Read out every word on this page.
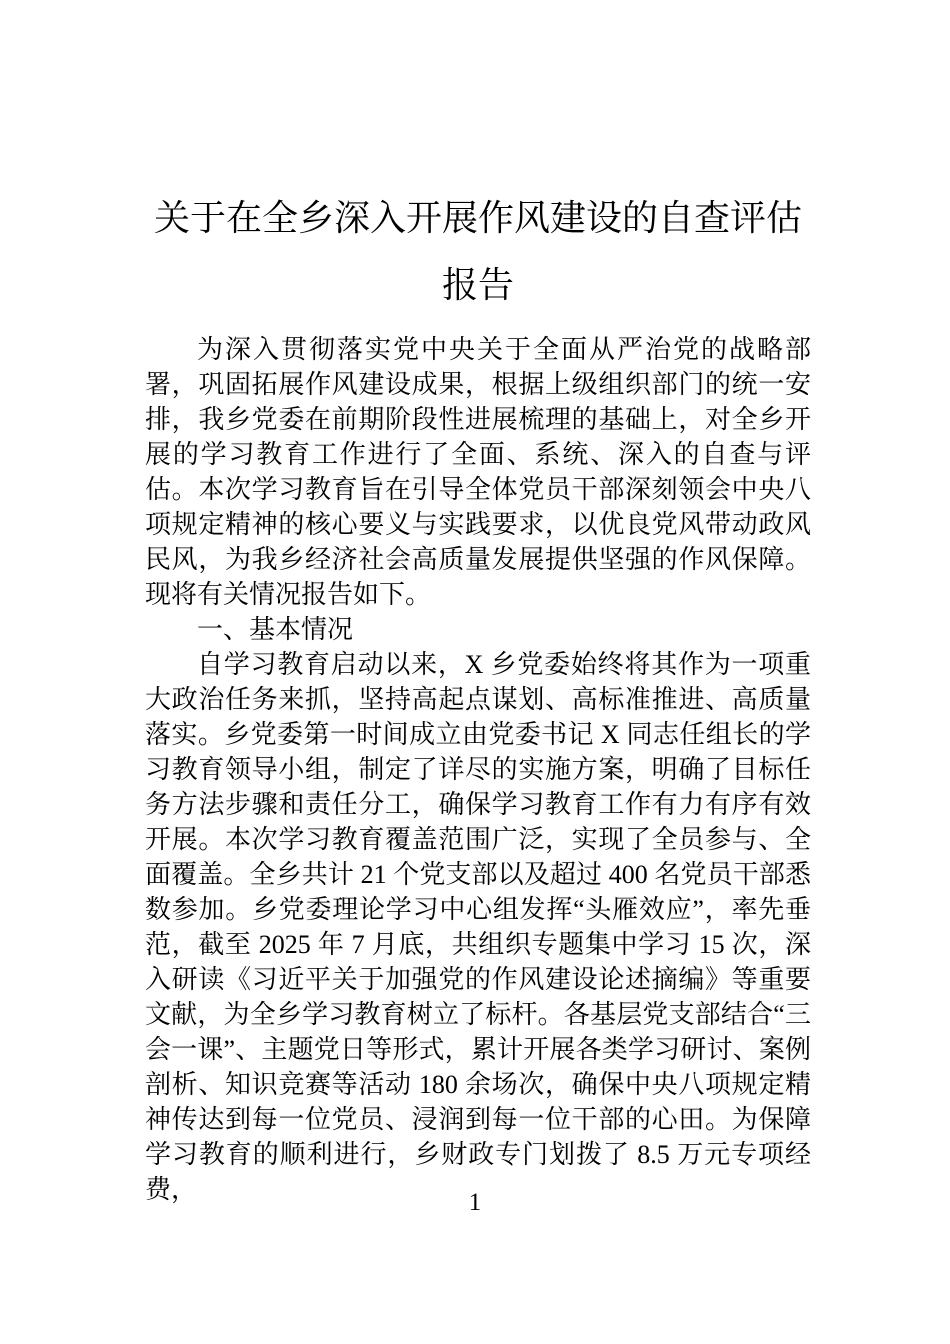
关于在全乡深入开展作风建设的自查评估
报告

为深入贯彻落实党中央关于全面从严治党的战略部署，巩固拓展作风建设成果，根据上级组织部门的统一安排，我乡党委在前期阶段性进展梳理的基础上，对全乡开展的学习教育工作进行了全面、系统、深入的自查与评估。本次学习教育旨在引导全体党员干部深刻领会中央八项规定精神的核心要义与实践要求，以优良党风带动政风民风，为我乡经济社会高质量发展提供坚强的作风保障。现将有关情况报告如下。

一、基本情况

自学习教育启动以来，X 乡党委始终将其作为一项重大政治任务来抓，坚持高起点谋划、高标准推进、高质量落实。乡党委第一时间成立由党委书记 X 同志任组长的学习教育领导小组，制定了详尽的实施方案，明确了目标任务方法步骤和责任分工，确保学习教育工作有力有序有效开展。本次学习教育覆盖范围广泛，实现了全员参与、全面覆盖。全乡共计 21 个党支部以及超过 400 名党员干部悉数参加。乡党委理论学习中心组发挥“头雁效应”，率先垂范，截至 2025 年 7 月底，共组织专题集中学习 15 次，深入研读《习近平关于加强党的作风建设论述摘编》等重要文献，为全乡学习教育树立了标杆。各基层党支部结合“三会一课”、主题党日等形式，累计开展各类学习研讨、案例剖析、知识竞赛等活动 180 余场次，确保中央八项规定精神传达到每一位党员、浸润到每一位干部的心田。为保障学习教育的顺利进行，乡财政专门划拨了 8.5 万元专项经费，	1
